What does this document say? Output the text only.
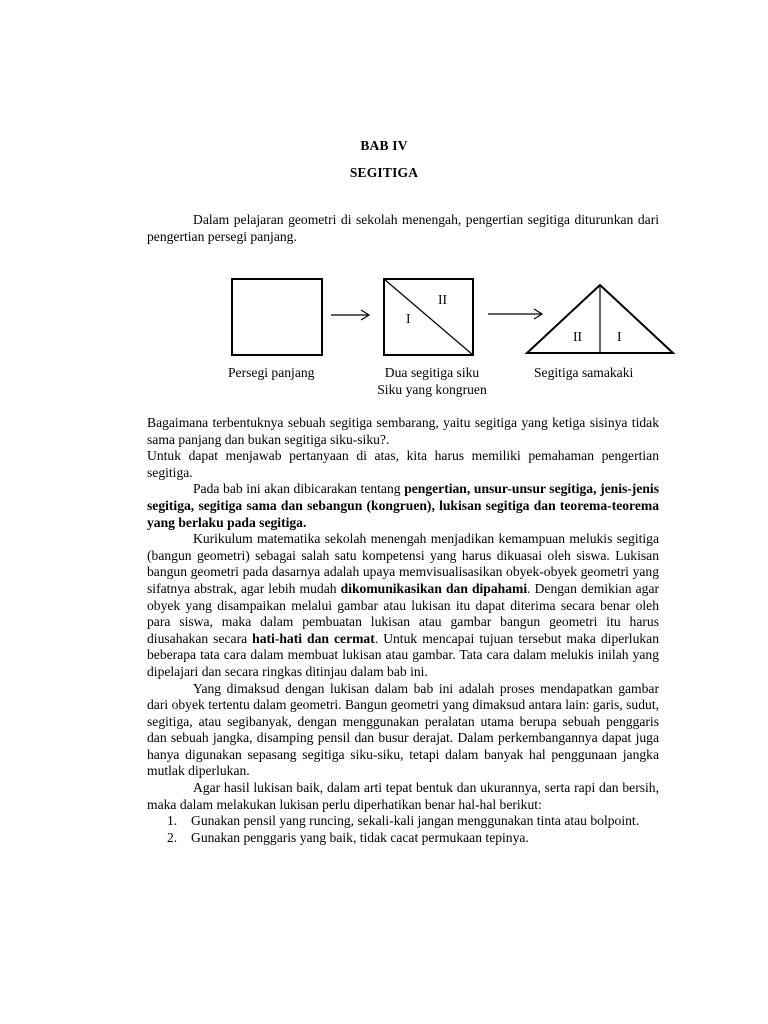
BAB IV
SEGITIGA

Dalam pelajaran geometri di sekolah menengah, pengertian segitiga diturunkan dari pengertian persegi panjang.

I
II
II	I
Persegi panjang	Dua segitiga siku
Siku yang kongruen
Segitiga samakaki

Bagaimana terbentuknya sebuah segitiga sembarang, yaitu segitiga yang ketiga sisinya tidak sama panjang dan bukan segitiga siku-siku?.

Untuk dapat menjawab pertanyaan di atas, kita harus memiliki pemahaman pengertian segitiga.

Pada bab ini akan dibicarakan tentang pengertian, unsur-unsur segitiga, jenis-jenis segitiga, segitiga sama dan sebangun (kongruen), lukisan segitiga dan teorema-teorema yang berlaku pada segitiga.

Kurikulum matematika sekolah menengah menjadikan kemampuan melukis segitiga (bangun geometri) sebagai salah satu kompetensi yang harus dikuasai oleh siswa. Lukisan bangun geometri pada dasarnya adalah upaya memvisualisasikan obyek-obyek geometri yang sifatnya abstrak, agar lebih mudah dikomunikasikan dan dipahami. Dengan demikian agar obyek yang disampaikan melalui gambar atau lukisan itu dapat diterima secara benar oleh para siswa, maka dalam pembuatan lukisan atau gambar bangun geometri itu harus diusahakan secara hati-hati dan cermat. Untuk mencapai tujuan tersebut maka diperlukan beberapa tata cara dalam membuat lukisan atau gambar. Tata cara dalam melukis inilah yang dipelajari dan secara ringkas ditinjau dalam bab ini.

Yang dimaksud dengan lukisan dalam bab ini adalah proses mendapatkan gambar dari obyek tertentu dalam geometri. Bangun geometri yang dimaksud antara lain: garis, sudut, segitiga, atau segibanyak, dengan menggunakan peralatan utama berupa sebuah penggaris dan sebuah jangka, disamping pensil dan busur derajat. Dalam perkembangannya dapat juga hanya digunakan sepasang segitiga siku-siku, tetapi dalam banyak hal penggunaan jangka mutlak diperlukan.

Agar hasil lukisan baik, dalam arti tepat bentuk dan ukurannya, serta rapi dan bersih, maka dalam melakukan lukisan perlu diperhatikan benar hal-hal berikut:

1. Gunakan pensil yang runcing, sekali-kali jangan menggunakan tinta atau bolpoint.
2. Gunakan penggaris yang baik, tidak cacat permukaan tepinya.
